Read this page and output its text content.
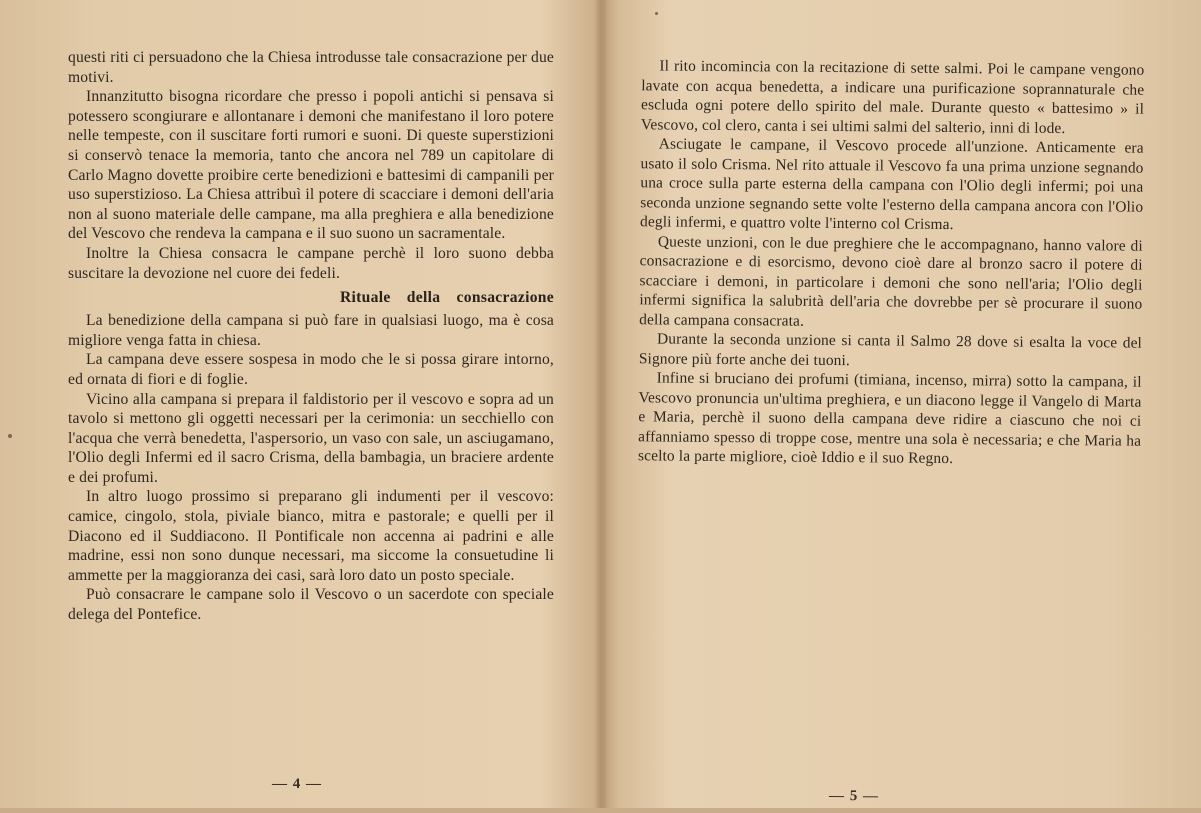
questi riti ci persuadono che la Chiesa introdusse tale consacrazione per due motivi.

Innanzitutto bisogna ricordare che presso i popoli antichi si pensava si potessero scongiurare e allontanare i demoni che manifestano il loro potere nelle tempeste, con il suscitare forti rumori e suoni. Di queste superstizioni si conservò tenace la memoria, tanto che ancora nel 789 un capitolare di Carlo Magno dovette proibire certe benedizioni e battesimi di campanili per uso superstizioso. La Chiesa attribuì il potere di scacciare i demoni dell'aria non al suono materiale delle campane, ma alla preghiera e alla benedizione del Vescovo che rendeva la campana e il suo suono un sacramentale.

Inoltre la Chiesa consacra le campane perchè il loro suono debba suscitare la devozione nel cuore dei fedeli.

Rituale della consacrazione

La benedizione della campana si può fare in qualsiasi luogo, ma è cosa migliore venga fatta in chiesa.

La campana deve essere sospesa in modo che le si possa girare intorno, ed ornata di fiori e di foglie.

Vicino alla campana si prepara il faldistorio per il vescovo e sopra ad un tavolo si mettono gli oggetti necessari per la cerimonia: un secchiello con l'acqua che verrà benedetta, l'aspersorio, un vaso con sale, un asciugamano, l'Olio degli Infermi ed il sacro Crisma, della bambagia, un braciere ardente e dei profumi.

In altro luogo prossimo si preparano gli indumenti per il vescovo: camice, cingolo, stola, piviale bianco, mitra e pastorale; e quelli per il Diacono ed il Suddiacono. Il Pontificale non accenna ai padrini e alle madrine, essi non sono dunque necessari, ma siccome la consuetudine li ammette per la maggioranza dei casi, sarà loro dato un posto speciale.

Può consacrare le campane solo il Vescovo o un sacerdote con speciale delega del Pontefice.

— 4 —

Il rito incomincia con la recitazione di sette salmi. Poi le campane vengono lavate con acqua benedetta, a indicare una purificazione soprannaturale che escluda ogni potere dello spirito del male. Durante questo « battesimo » il Vescovo, col clero, canta i sei ultimi salmi del salterio, inni di lode.

Asciugate le campane, il Vescovo procede all'unzione. Anticamente era usato il solo Crisma. Nel rito attuale il Vescovo fa una prima unzione segnando una croce sulla parte esterna della campana con l'Olio degli infermi; poi una seconda unzione segnando sette volte l'esterno della campana ancora con l'Olio degli infermi, e quattro volte l'interno col Crisma.

Queste unzioni, con le due preghiere che le accompagnano, hanno valore di consacrazione e di esorcismo, devono cioè dare al bronzo sacro il potere di scacciare i demoni, in particolare i demoni che sono nell'aria; l'Olio degli infermi significa la salubrità dell'aria che dovrebbe per sè procurare il suono della campana consacrata.

Durante la seconda unzione si canta il Salmo 28 dove si esalta la voce del Signore più forte anche dei tuoni.

Infine si bruciano dei profumi (timiana, incenso, mirra) sotto la campana, il Vescovo pronuncia un'ultima preghiera, e un diacono legge il Vangelo di Marta e Maria, perchè il suono della campana deve ridire a ciascuno che noi ci affanniamo spesso di troppe cose, mentre una sola è necessaria; e che Maria ha scelto la parte migliore, cioè Iddio e il suo Regno.

— 5 —
